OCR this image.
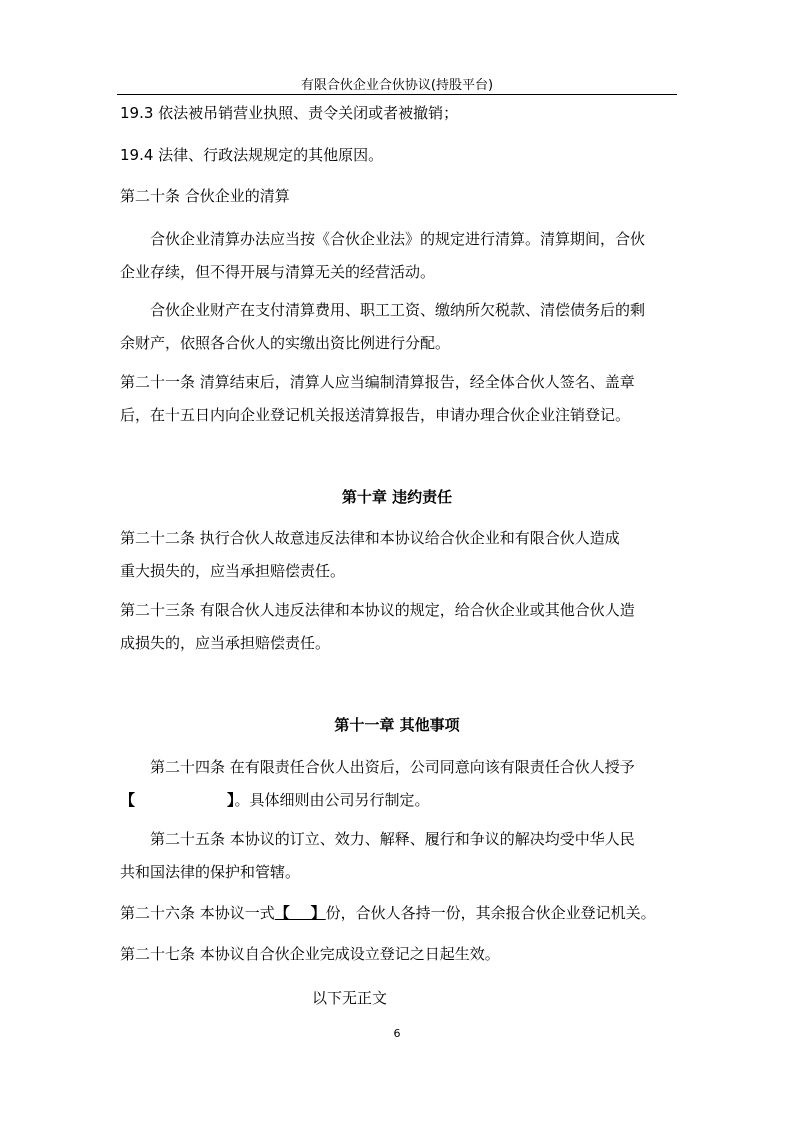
有限合伙企业合伙协议(持股平台)
19.3 依法被吊销营业执照、责令关闭或者被撤销；
19.4 法律、行政法规规定的其他原因。
第二十条 合伙企业的清算
合伙企业清算办法应当按《合伙企业法》的规定进行清算。清算期间，合伙
企业存续，但不得开展与清算无关的经营活动。
合伙企业财产在支付清算费用、职工工资、缴纳所欠税款、清偿债务后的剩
余财产，依照各合伙人的实缴出资比例进行分配。
第二十一条 清算结束后，清算人应当编制清算报告，经全体合伙人签名、盖章
后，在十五日内向企业登记机关报送清算报告，申请办理合伙企业注销登记。
第十章 违约责任
第二十二条 执行合伙人故意违反法律和本协议给合伙企业和有限合伙人造成
重大损失的，应当承担赔偿责任。
第二十三条 有限合伙人违反法律和本协议的规定，给合伙企业或其他合伙人造
成损失的，应当承担赔偿责任。
第十一章 其他事项
第二十四条 在有限责任合伙人出资后，公司同意向该有限责任合伙人授予
【	】。具体细则由公司另行制定。
第二十五条 本协议的订立、效力、解释、履行和争议的解决均受中华人民
共和国法律的保护和管辖。
第二十六条 本协议一式【    】份，合伙人各持一份，其余报合伙企业登记机关。
第二十七条 本协议自合伙企业完成设立登记之日起生效。
以下无正文
6
